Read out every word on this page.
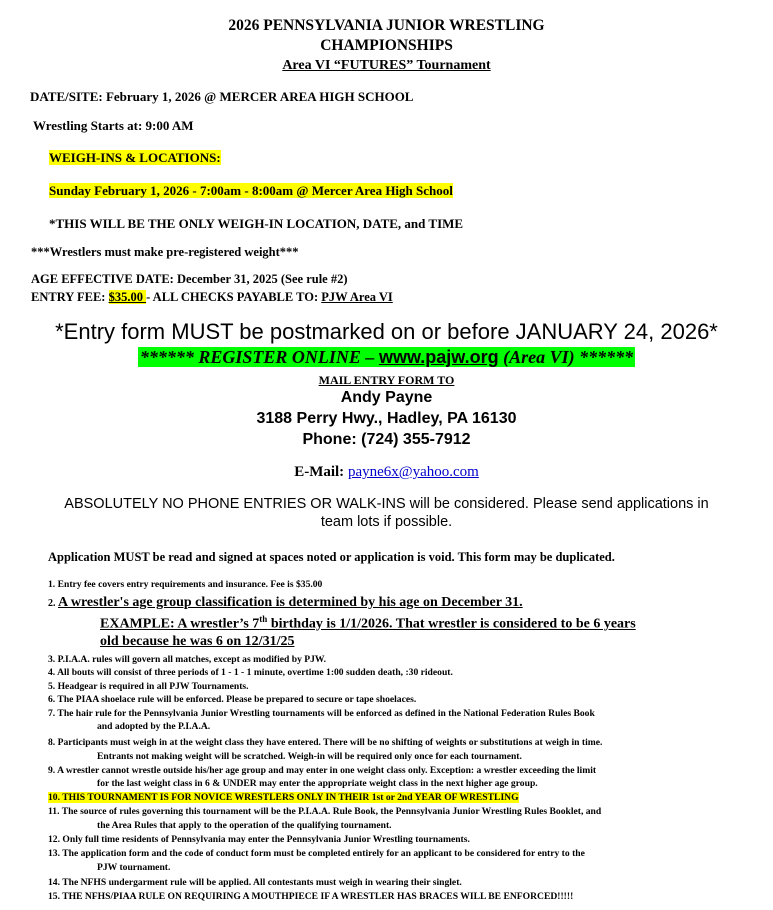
2026 PENNSYLVANIA JUNIOR WRESTLING
CHAMPIONSHIPS
Area VI “FUTURES” Tournament
DATE/SITE: February 1, 2026 @ MERCER AREA HIGH SCHOOL
Wrestling Starts at: 9:00 AM
WEIGH-INS & LOCATIONS:
Sunday February 1, 2026 - 7:00am - 8:00am @ Mercer Area High School
*THIS WILL BE THE ONLY WEIGH-IN LOCATION, DATE, and TIME
***Wrestlers must make pre-registered weight***
AGE EFFECTIVE DATE: December 31, 2025 (See rule #2)
ENTRY FEE: $35.00 - ALL CHECKS PAYABLE TO: PJW Area VI
*Entry form MUST be postmarked on or before JANUARY 24, 2026*
****** REGISTER ONLINE – www.pajw.org (Area VI) ******
MAIL ENTRY FORM TO
Andy Payne
3188 Perry Hwy., Hadley, PA 16130
Phone: (724) 355-7912
E-Mail: payne6x@yahoo.com
ABSOLUTELY NO PHONE ENTRIES OR WALK-INS will be considered. Please send applications in
team lots if possible.
Application MUST be read and signed at spaces noted or application is void. This form may be duplicated.
1. Entry fee covers entry requirements and insurance. Fee is $35.00
2. A wrestler's age group classification is determined by his age on December 31.
EXAMPLE: A wrestler’s 7th birthday is 1/1/2026. That wrestler is considered to be 6 years
old because he was 6 on 12/31/25
3. P.I.A.A. rules will govern all matches, except as modified by PJW.
4. All bouts will consist of three periods of 1 - 1 - 1 minute, overtime 1:00 sudden death, :30 rideout.
5. Headgear is required in all PJW Tournaments.
6. The PIAA shoelace rule will be enforced. Please be prepared to secure or tape shoelaces.
7. The hair rule for the Pennsylvania Junior Wrestling tournaments will be enforced as defined in the National Federation Rules Book
and adopted by the P.I.A.A.
8. Participants must weigh in at the weight class they have entered. There will be no shifting of weights or substitutions at weigh in time.
Entrants not making weight will be scratched. Weigh-in will be required only once for each tournament.
9. A wrestler cannot wrestle outside his/her age group and may enter in one weight class only. Exception: a wrestler exceeding the limit
for the last weight class in 6 & UNDER may enter the appropriate weight class in the next higher age group.
10. THIS TOURNAMENT IS FOR NOVICE WRESTLERS ONLY IN THEIR 1st or 2nd YEAR OF WRESTLING
11. The source of rules governing this tournament will be the P.I.A.A. Rule Book, the Pennsylvania Junior Wrestling Rules Booklet, and
the Area Rules that apply to the operation of the qualifying tournament.
12. Only full time residents of Pennsylvania may enter the Pennsylvania Junior Wrestling tournaments.
13. The application form and the code of conduct form must be completed entirely for an applicant to be considered for entry to the
PJW tournament.
14. The NFHS undergarment rule will be applied. All contestants must weigh in wearing their singlet.
15. THE NFHS/PIAA RULE ON REQUIRING A MOUTHPIECE IF A WRESTLER HAS BRACES WILL BE ENFORCED!!!!!
